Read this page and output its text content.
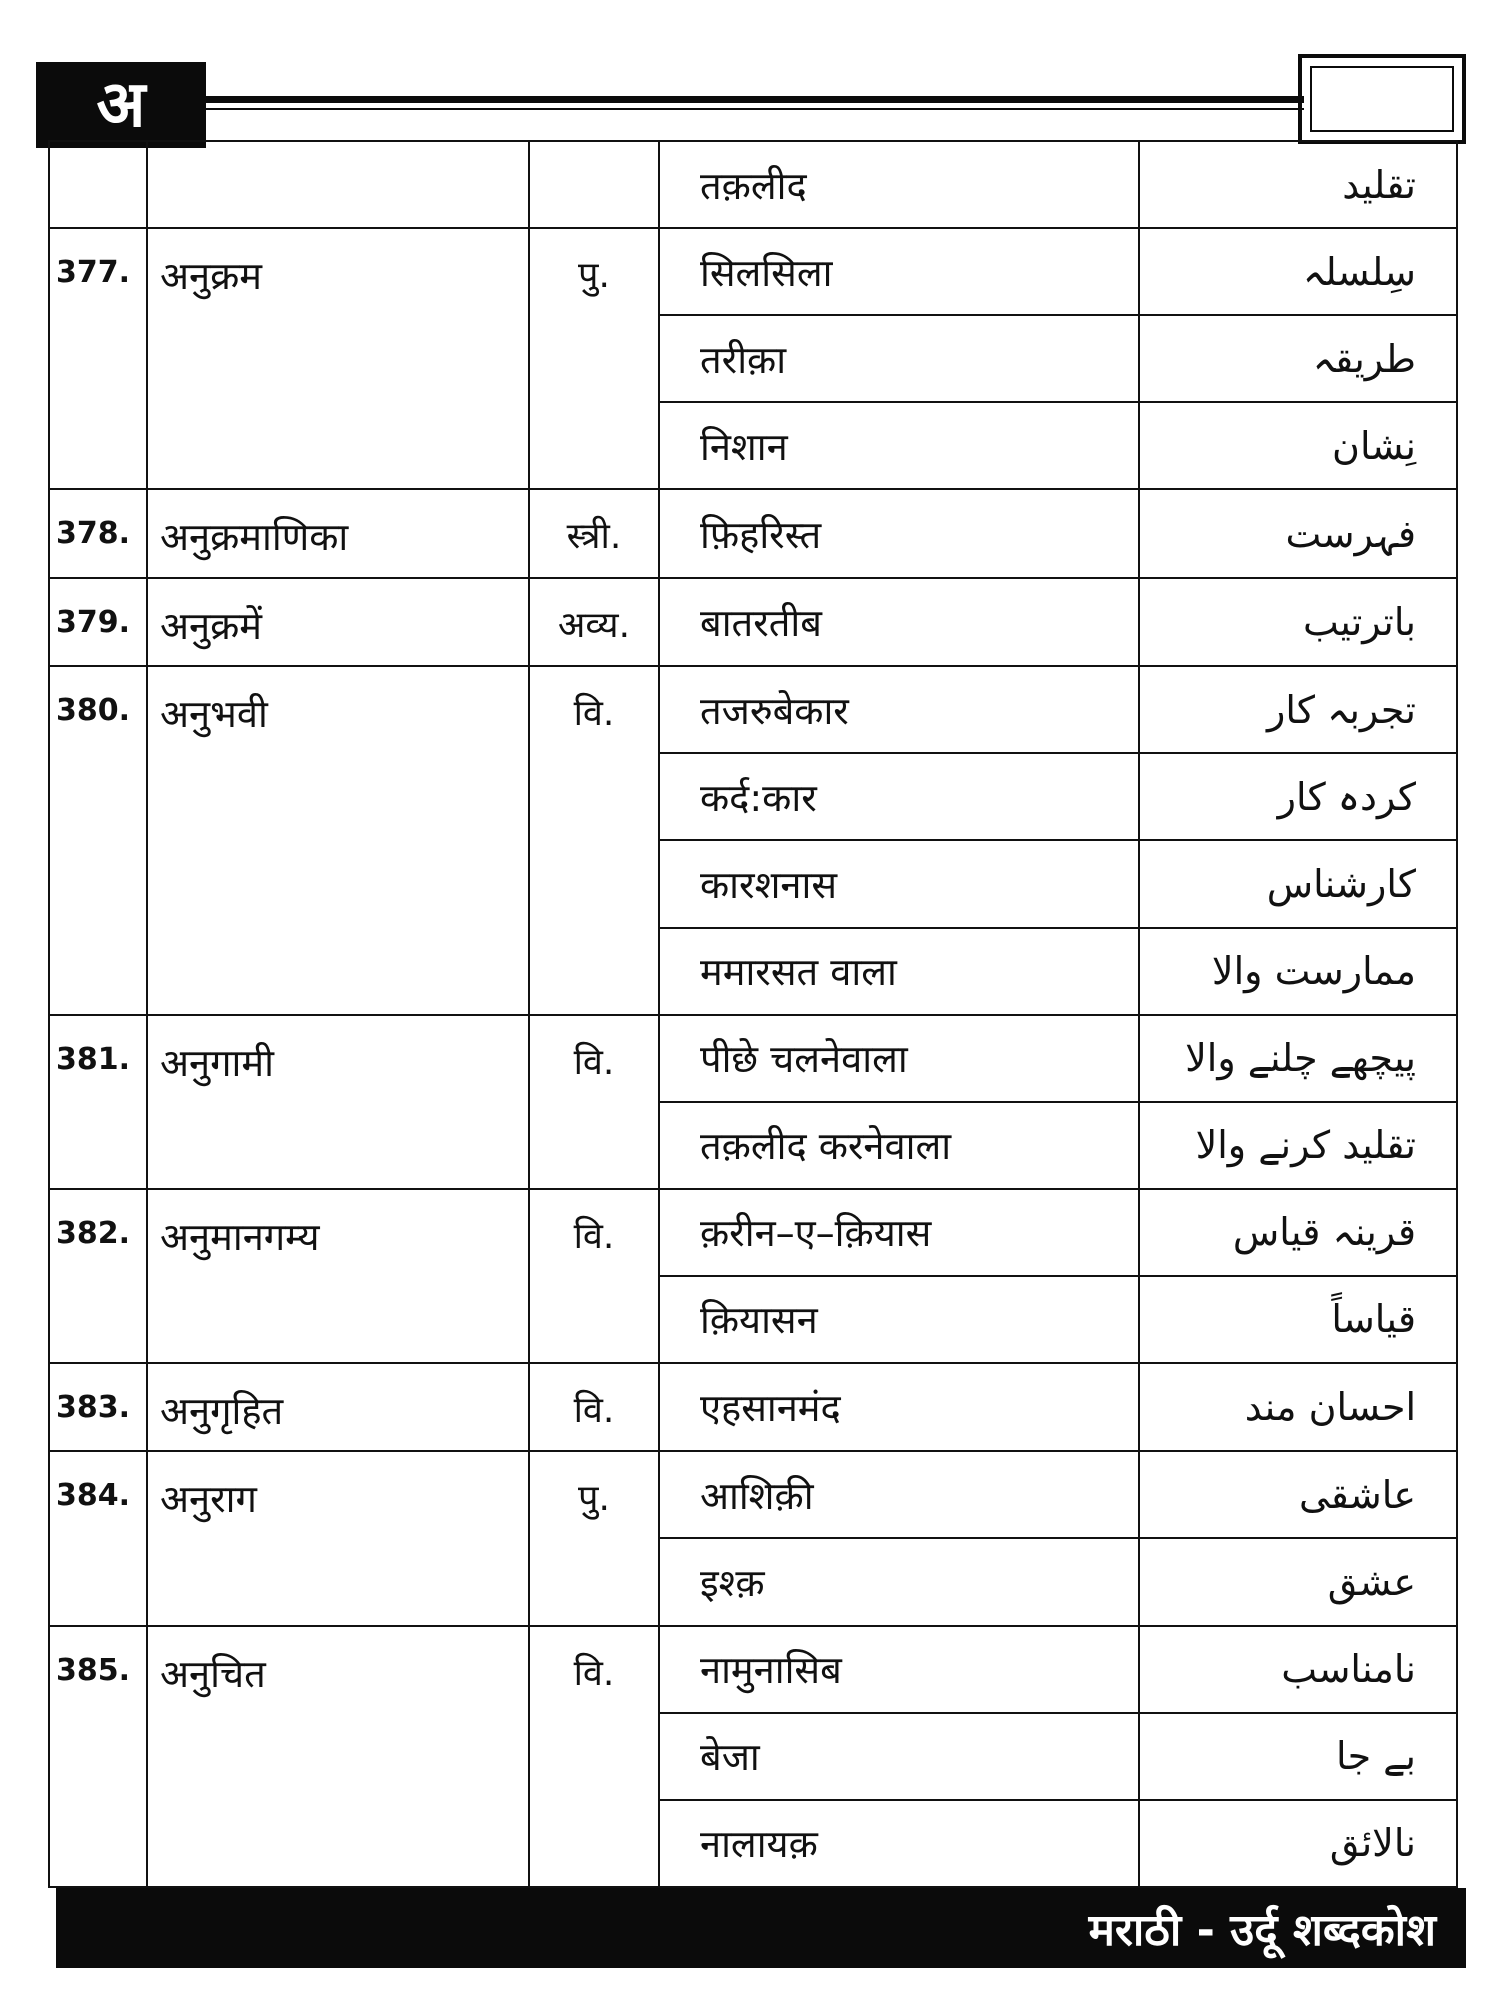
अ
			तक़लीद	تقلید
377.	अनुक्रम	पु.	सिलसिला	سِلسلہ
			तरीक़ा	طریقہ
			निशान	نِشان
378.	अनुक्रमाणिका	स्त्री.	फ़िहरिस्त	فہرست
379.	अनुक्रमें	अव्य.	बातरतीब	باترتیب
380.	अनुभवी	वि.	तजरुबेकार	تجربہ کار
			कर्द:कार	کردہ کار
			कारशनास	کارشناس
			ममारसत वाला	ممارست والا
381.	अनुगामी	वि.	पीछे चलनेवाला	پیچھے چلنے والا
			तक़लीद करनेवाला	تقلید کرنے والا
382.	अनुमानगम्य	वि.	क़रीन–ए–क़ियास	قرینہ قیاس
			क़ियासन	قیاساً
383.	अनुगृहित	वि.	एहसानमंद	احسان مند
384.	अनुराग	पु.	आशिक़ी	عاشقی
			इश्क़	عشق
385.	अनुचित	वि.	नामुनासिब	نامناسب
			बेजा	بے جا
			नालायक़	نالائق
मराठी - उर्दू शब्दकोश
